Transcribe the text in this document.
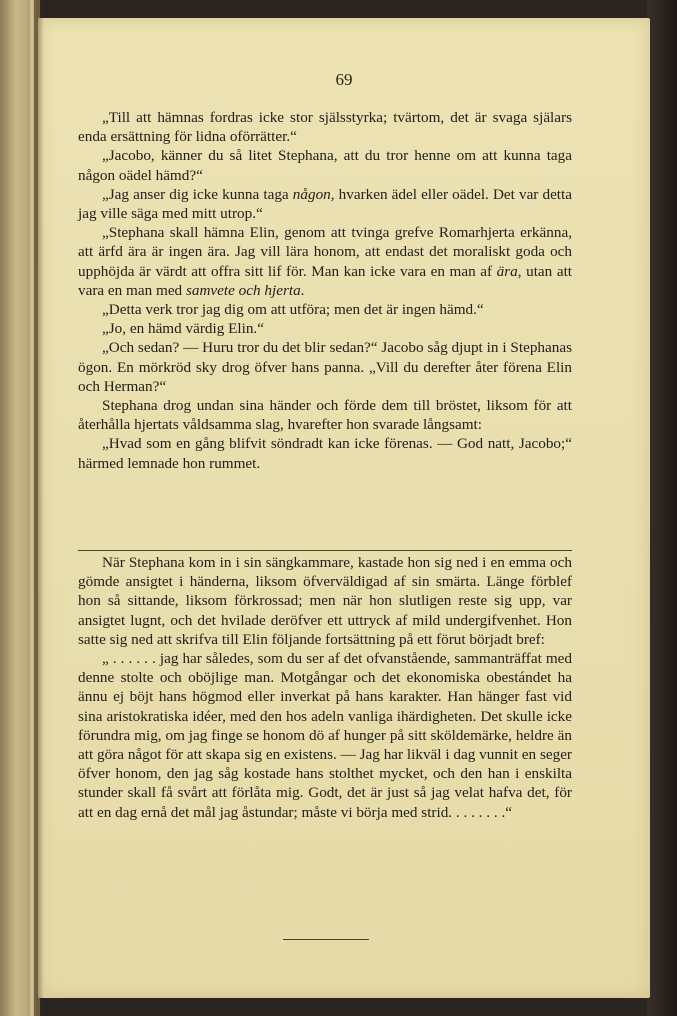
69

„Till att hämnas fordras icke stor själsstyrka; tvärtom, det är svaga själars enda ersättning för lidna oförrätter.“

„Jacobo, känner du så litet Stephana, att du tror henne om att kunna taga någon oädel hämd?“

„Jag anser dig icke kunna taga någon, hvarken ädel eller oädel. Det var detta jag ville säga med mitt utrop.“

„Stephana skall hämna Elin, genom att tvinga grefve Romarhjerta erkänna, att ärfd ära är ingen ära. Jag vill lära honom, att endast det moraliskt goda och upphöjda är värdt att offra sitt lif för. Man kan icke vara en man af ära, utan att vara en man med samvete och hjerta.

„Detta verk tror jag dig om att utföra; men det är ingen hämd.“

„Jo, en hämd värdig Elin.“

„Och sedan? — Huru tror du det blir sedan?“ Jacobo såg djupt in i Stephanas ögon. En mörkröd sky drog öfver hans panna. „Vill du derefter åter förena Elin och Herman?“

Stephana drog undan sina händer och förde dem till bröstet, liksom för att återhålla hjertats våldsamma slag, hvarefter hon svarade långsamt:

„Hvad som en gång blifvit söndradt kan icke förenas. — God natt, Jacobo;“ härmed lemnade hon rummet.

När Stephana kom in i sin sängkammare, kastade hon sig ned i en emma och gömde ansigtet i händerna, liksom öfverväldigad af sin smärta. Länge förblef hon så sittande, liksom förkrossad; men när hon slutligen reste sig upp, var ansigtet lugnt, och det hvilade deröfver ett uttryck af mild undergifvenhet. Hon satte sig ned att skrifva till Elin följande fortsättning på ett förut börjadt bref:

„ . . . . . . jag har således, som du ser af det ofvanstående, sammanträffat med denne stolte och oböjlige man. Motgångar och det ekonomiska obestándet ha ännu ej böjt hans högmod eller inverkat på hans karakter. Han hänger fast vid sina aristokratiska idéer, med den hos adeln vanliga ihärdigheten. Det skulle icke förundra mig, om jag finge se honom dö af hunger på sitt sköldemärke, heldre än att göra något för att skapa sig en existens. — Jag har likväl i dag vunnit en seger öfver honom, den jag såg kostade hans stolthet mycket, och den han i enskilta stunder skall få svårt att förlåta mig. Godt, det är just så jag velat hafva det, för att en dag ernå det mål jag åstundar; måste vi börja med strid. . . . . . . .“
